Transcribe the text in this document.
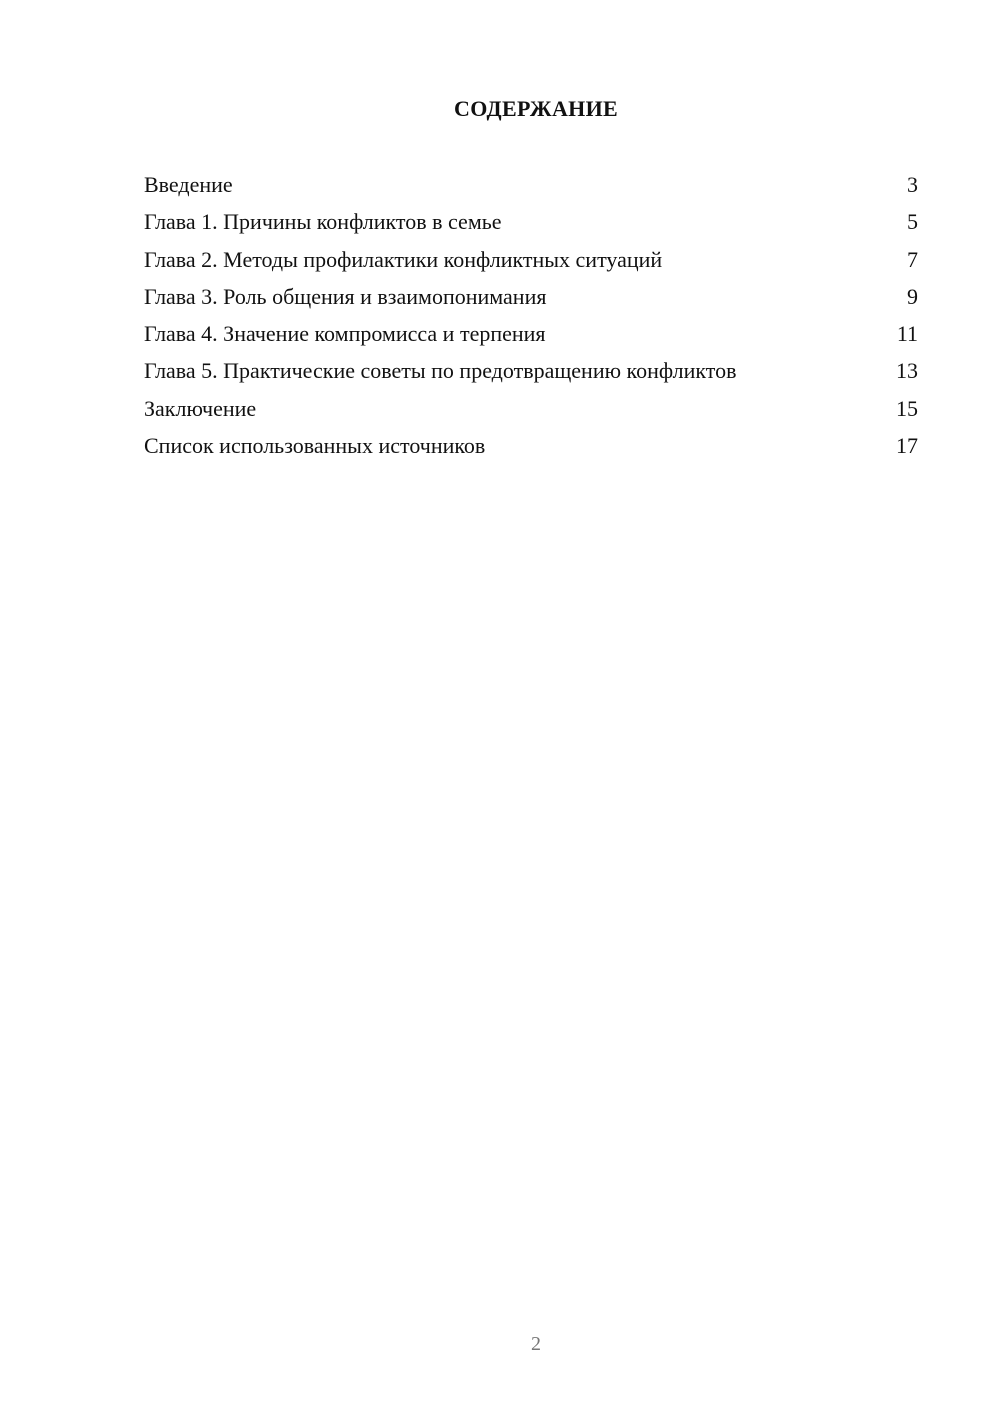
СОДЕРЖАНИЕ
Введение	3
Глава 1. Причины конфликтов в семье	5
Глава 2. Методы профилактики конфликтных ситуаций	7
Глава 3. Роль общения и взаимопонимания	9
Глава 4. Значение компромисса и терпения	11
Глава 5. Практические советы по предотвращению конфликтов	13
Заключение	15
Список использованных источников	17
2
